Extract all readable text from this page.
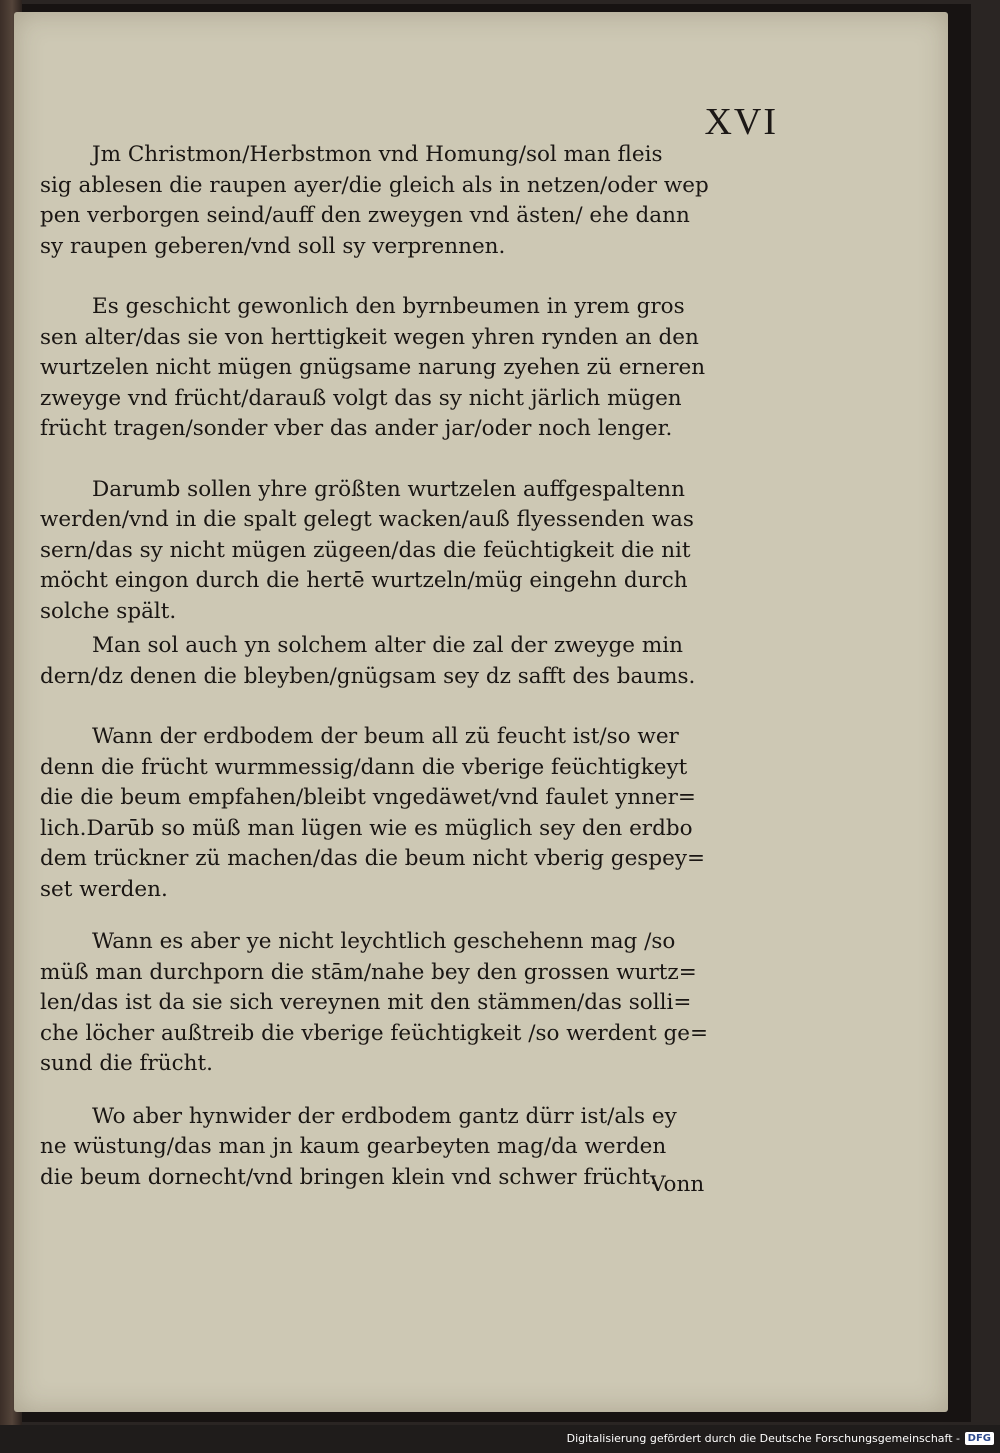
XVI

Jm Christmon/Herbstmon vnd Homung/sol man fleis
sig ablesen die raupen ayer/die gleich als in netzen/oder wep
pen verborgen seind/auff den zweygen vnd ästen/ ehe dann
sy raupen geberen/vnd soll sy verprennen.

Es geschicht gewonlich den byrnbeumen in yrem gros
sen alter/das sie von herttigkeit wegen yhren rynden an den
wurtzelen nicht mügen gnügsame narung zyehen zü erneren
zweyge vnd frücht/darauß volgt das sy nicht järlich mügen
frücht tragen/sonder vber das ander jar/oder noch lenger.

Darumb sollen yhre größten wurtzelen auffgespaltenn
werden/vnd in die spalt gelegt wacken/auß flyessenden was
sern/das sy nicht mügen zügeen/das die feüchtigkeit die nit
möcht eingon durch die hertē wurtzeln/müg eingehn durch
solche spält.

Man sol auch yn solchem alter die zal der zweyge min
dern/dz denen die bleyben/gnügsam sey dz safft des baums.

Wann der erdbodem der beum all zü feucht ist/so wer
denn die frücht wurmmessig/dann die vberige feüchtigkeyt
die die beum empfahen/bleibt vngedäwet/vnd faulet ynner=
lich.Darūb so müß man lügen wie es müglich sey den erdbo
dem trückner zü machen/das die beum nicht vberig gespey=
set werden.

Wann es aber ye nicht leychtlich geschehenn mag /so
müß man durchporn die stām/nahe bey den grossen wurtz=
len/das ist da sie sich vereynen mit den stämmen/das solli=
che löcher außtreib die vberige feüchtigkeit /so werdent ge=
sund die frücht.

Wo aber hynwider der erdbodem gantz dürr ist/als ey
ne wüstung/das man jn kaum gearbeyten mag/da werden
die beum dornecht/vnd bringen klein vnd schwer frücht.

Vonn

Digitalisierung gefördert durch die Deutsche Forschungsgemeinschaft - DFG
